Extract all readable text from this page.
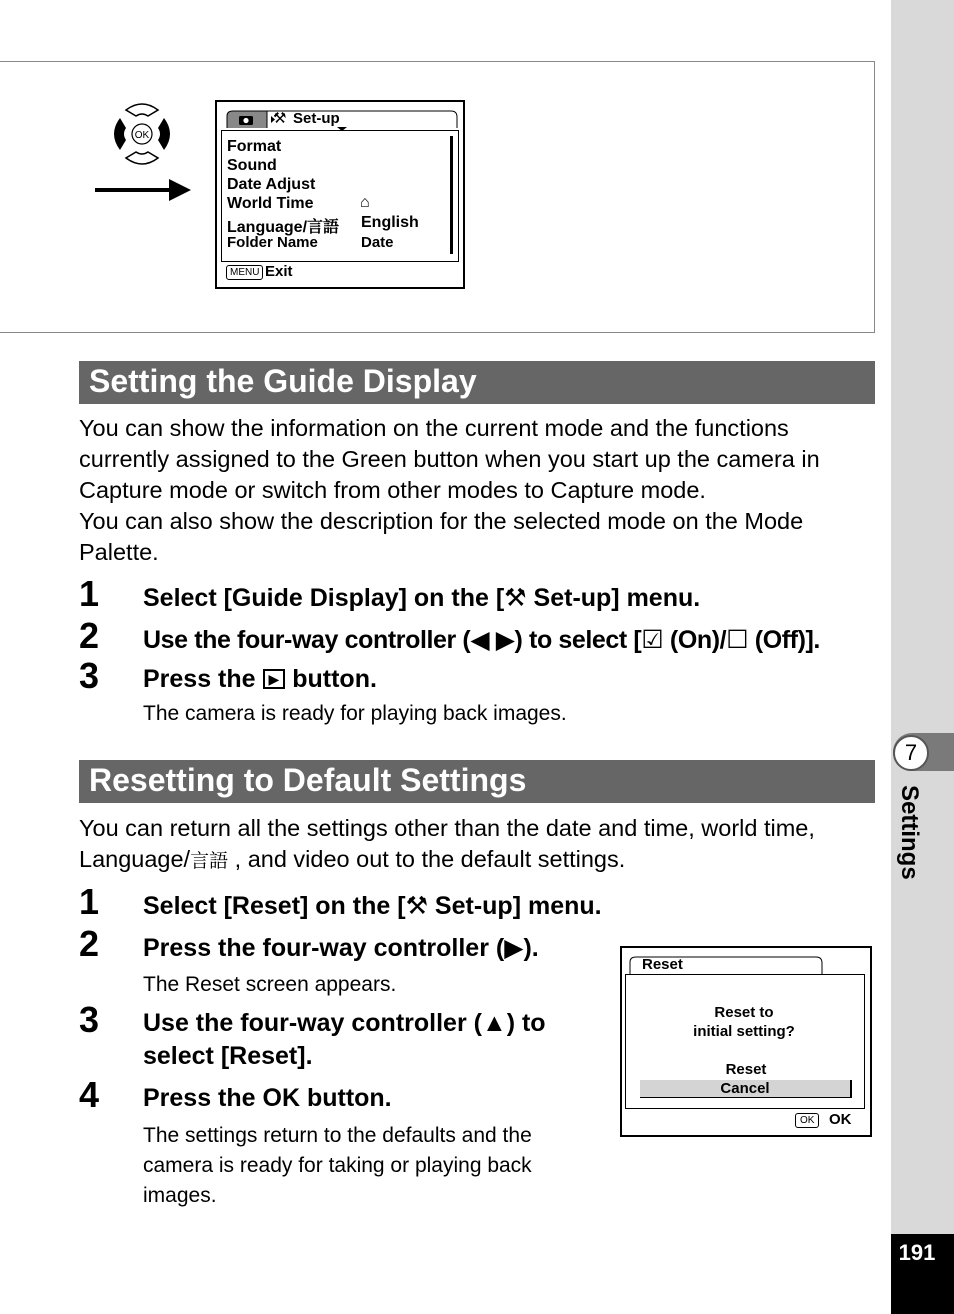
7
Settings
191
OK
⚒ Set-up
Format
Sound
Date Adjust
World Time	⌂
Language/言語 English
Folder Name	Date
MENU Exit
Setting the Guide Display
You can show the information on the current mode and the functions currently assigned to the Green button when you start up the camera in Capture mode or switch from other modes to Capture mode.
You can also show the description for the selected mode on the Mode Palette.
1 Select [Guide Display] on the [⚒ Set-up] menu.
2 Use the four-way controller (◀ ▶) to select [☑ (On)/☐ (Off)].
3 Press the ▶ button.
The camera is ready for playing back images.
Resetting to Default Settings
You can return all the settings other than the date and time, world time,
Language/言語 , and video out to the default settings.
1 Select [Reset] on the [⚒ Set-up] menu.
2 Press the four-way controller (▶).
The Reset screen appears.
3 Use the four-way controller (▲) to
select [Reset].
4 Press the OK button.
The settings return to the defaults and the
camera is ready for taking or playing back
images.
Reset
Reset to
initial setting?
Reset
Cancel
OK OK
